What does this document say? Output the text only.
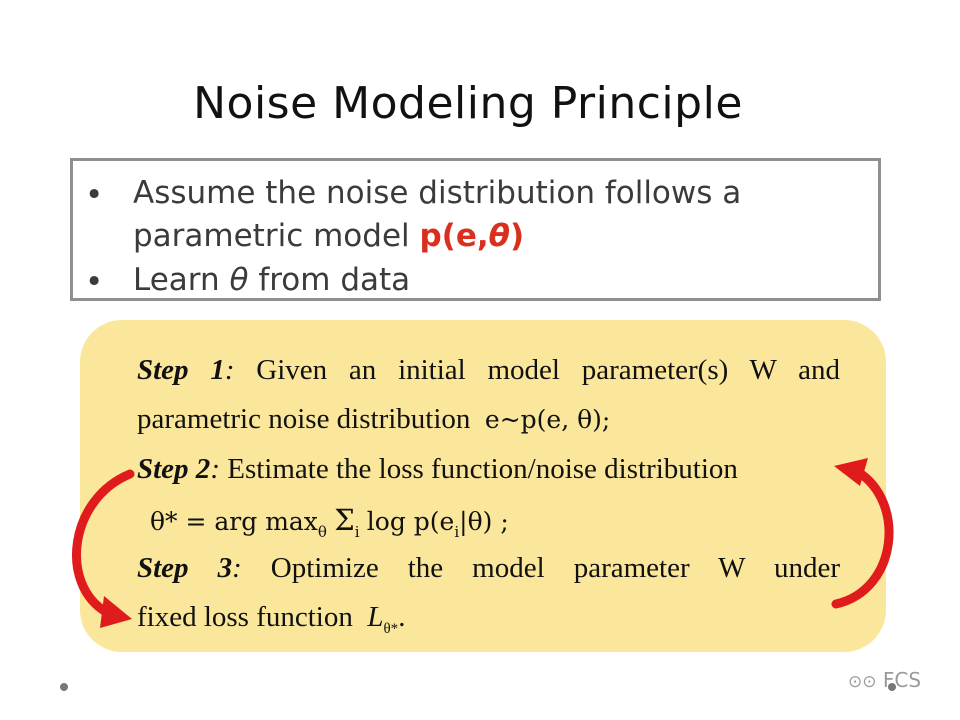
Noise Modeling Principle
• Assume the noise distribution follows a
parametric model p(e,θ)
• Learn θ from data
Step 1: Given an initial model parameter(s) W and
parametric noise distribution e~p(e, θ);
Step 2: Estimate the loss function/noise distribution
θ* = arg $\max_\theta \Sigma_i$ $\log p(e_i|\theta)$ ;
Step 3: Optimize the model parameter W under
fixed loss function $L_{\theta*}$.
⊙⊙ FCS
